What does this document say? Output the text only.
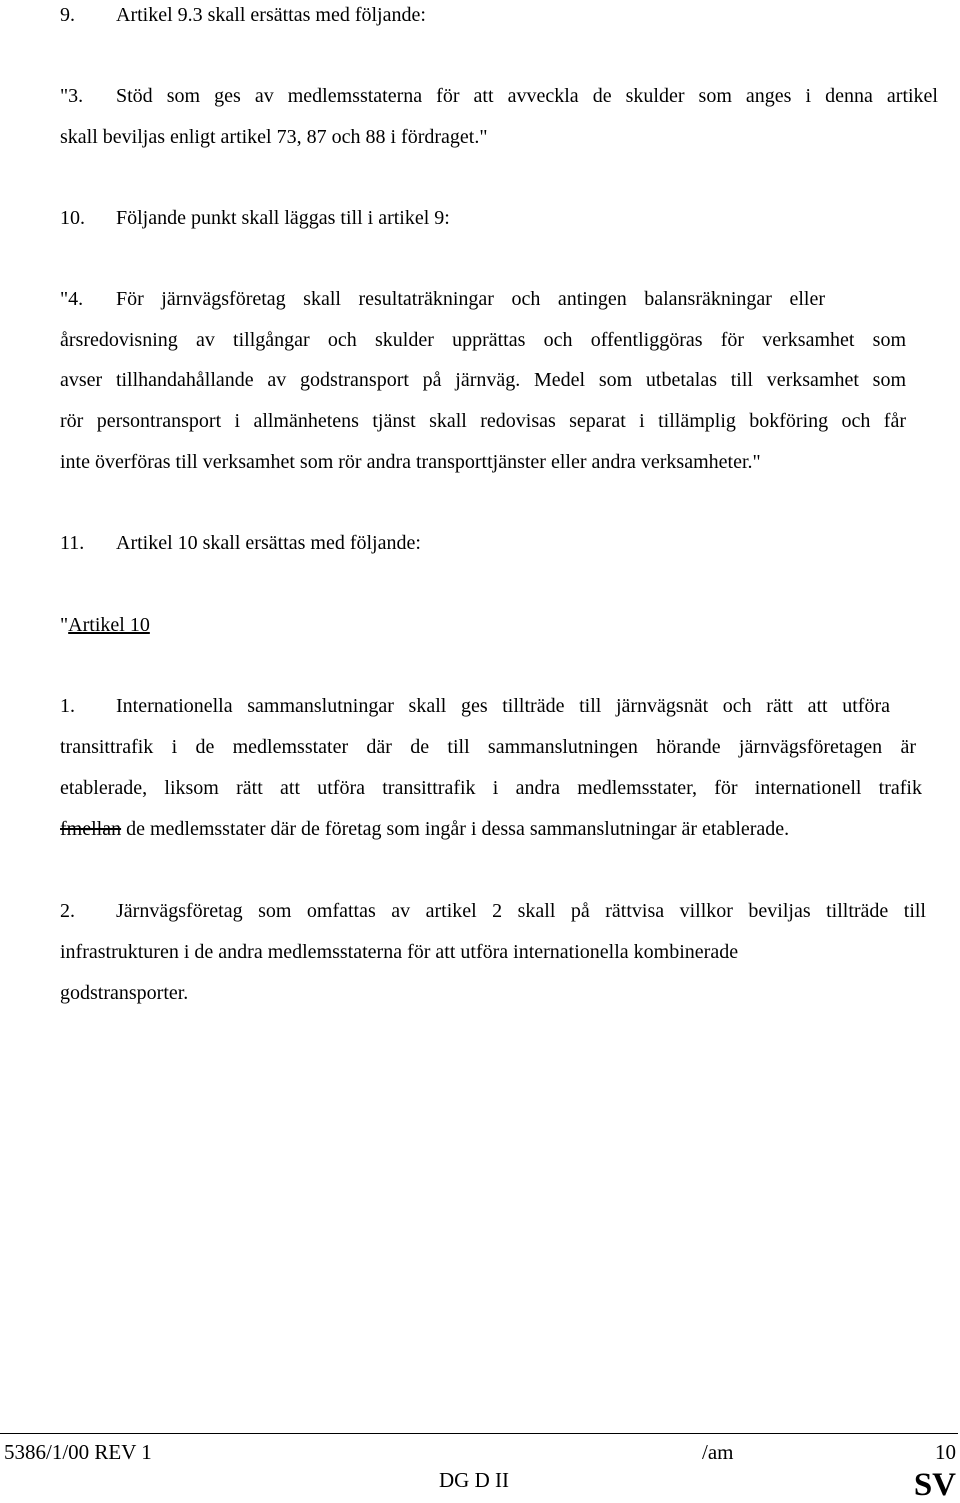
9. Artikel 9.3 skall ersättas med följande:
"3. Stöd som ges av medlemsstaterna för att avveckla de skulder som anges i denna artikel
skall beviljas enligt artikel 73, 87 och 88 i fördraget."
10. Följande punkt skall läggas till i artikel 9:
"4. För järnvägsföretag skall resultaträkningar och antingen balansräkningar eller
årsredovisning av tillgångar och skulder upprättas och offentliggöras för verksamhet som
avser tillhandahållande av godstransport på järnväg. Medel som utbetalas till verksamhet som
rör persontransport i allmänhetens tjänst skall redovisas separat i tillämplig bokföring och får
inte överföras till verksamhet som rör andra transporttjänster eller andra verksamheter."
11. Artikel 10 skall ersättas med följande:
"Artikel 10
1. Internationella sammanslutningar skall ges tillträde till järnvägsnät och rätt att utföra
transittrafik i de medlemsstater där de till sammanslutningen hörande järnvägsföretagen är
etablerade, liksom rätt att utföra transittrafik i andra medlemsstater, för internationell trafik
fmellan de medlemsstater där de företag som ingår i dessa sammanslutningar är etablerade.
2. Järnvägsföretag som omfattas av artikel 2 skall på rättvisa villkor beviljas tillträde till
infrastrukturen i de andra medlemsstaterna för att utföra internationella kombinerade
godstransporter.
5386/1/00 REV 1	/am	10
DG D II	SV
